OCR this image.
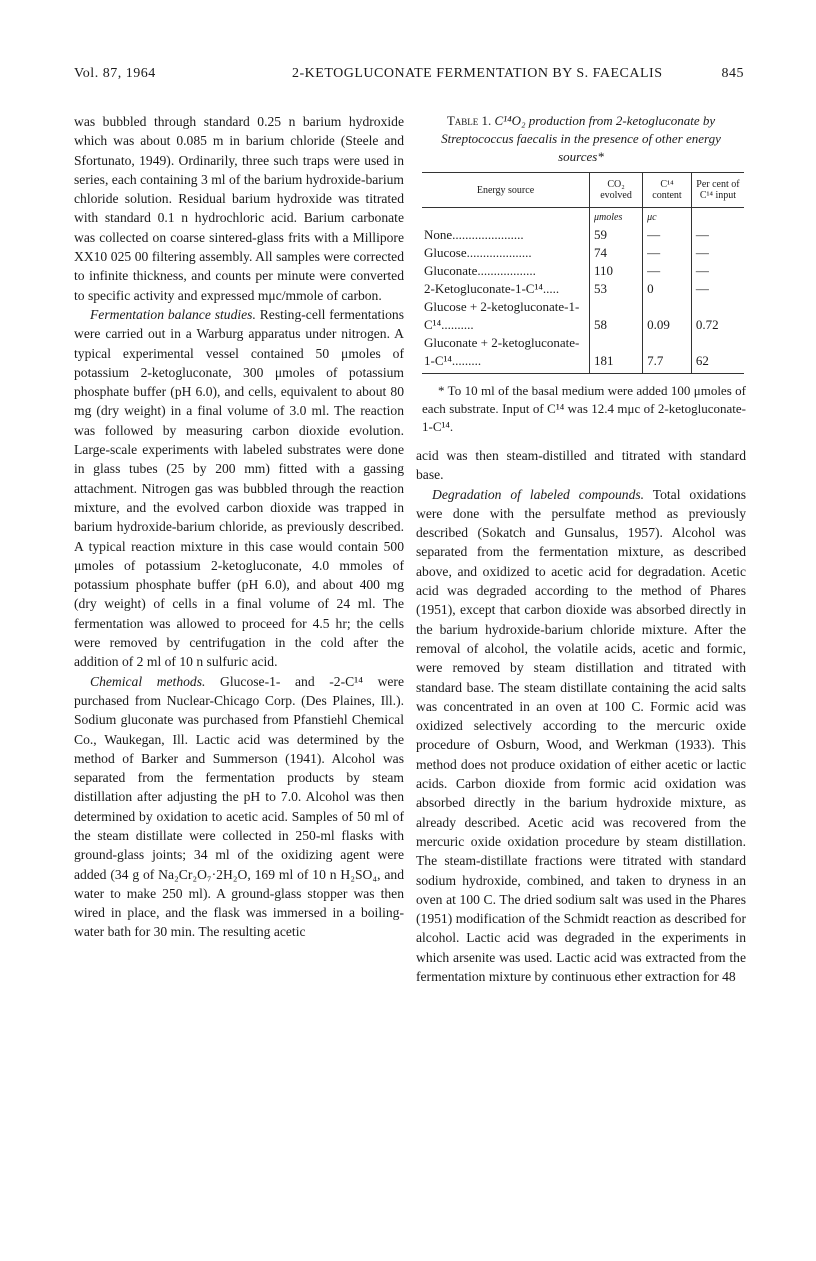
Vol. 87, 1964	2-KETOGLUCONATE FERMENTATION BY S. FAECALIS	845

was bubbled through standard 0.25 n barium hydroxide which was about 0.085 m in barium chloride (Steele and Sfortunato, 1949). Ordinarily, three such traps were used in series, each containing 3 ml of the barium hydroxide-barium chloride solution. Residual barium hydroxide was titrated with standard 0.1 n hydrochloric acid. Barium carbonate was collected on coarse sintered-glass frits with a Millipore XX10 025 00 filtering assembly. All samples were corrected to infinite thickness, and counts per minute were converted to specific activity and expressed mμc/mmole of carbon.

Fermentation balance studies. Resting-cell fermentations were carried out in a Warburg apparatus under nitrogen. A typical experimental vessel contained 50 μmoles of potassium 2-ketogluconate, 300 μmoles of potassium phosphate buffer (pH 6.0), and cells, equivalent to about 80 mg (dry weight) in a final volume of 3.0 ml. The reaction was followed by measuring carbon dioxide evolution. Large-scale experiments with labeled substrates were done in glass tubes (25 by 200 mm) fitted with a gassing attachment. Nitrogen gas was bubbled through the reaction mixture, and the evolved carbon dioxide was trapped in barium hydroxide-barium chloride, as previously described. A typical reaction mixture in this case would contain 500 μmoles of potassium 2-ketogluconate, 4.0 mmoles of potassium phosphate buffer (pH 6.0), and about 400 mg (dry weight) of cells in a final volume of 24 ml. The fermentation was allowed to proceed for 4.5 hr; the cells were removed by centrifugation in the cold after the addition of 2 ml of 10 n sulfuric acid.

Chemical methods. Glucose-1- and -2-C¹⁴ were purchased from Nuclear-Chicago Corp. (Des Plaines, Ill.). Sodium gluconate was purchased from Pfanstiehl Chemical Co., Waukegan, Ill. Lactic acid was determined by the method of Barker and Summerson (1941). Alcohol was separated from the fermentation products by steam distillation after adjusting the pH to 7.0. Alcohol was then determined by oxidation to acetic acid. Samples of 50 ml of the steam distillate were collected in 250-ml flasks with ground-glass joints; 34 ml of the oxidizing agent were added (34 g of Na₂Cr₂O₇·2H₂O, 169 ml of 10 n H₂SO₄, and water to make 250 ml). A ground-glass stopper was then wired in place, and the flask was immersed in a boiling-water bath for 30 min. The resulting acetic

Table 1. C¹⁴O₂ production from 2-ketogluconate by Streptococcus faecalis in the presence of other energy sources*
Energy source	CO₂ evolved	C¹⁴ content	Per cent of C¹⁴ input
	μmoles	μc	
None......................	59	—	—
Glucose....................	74	—	—
Gluconate..................	110	—	—
2-Ketogluconate-1-C¹⁴.....	53	0	—
Glucose + 2-ketogluconate-1-C¹⁴..........	58	0.09	0.72
Gluconate + 2-ketogluconate-1-C¹⁴.........	181	7.7	62
* To 10 ml of the basal medium were added 100 μmoles of each substrate. Input of C¹⁴ was 12.4 mμc of 2-ketogluconate-1-C¹⁴.

acid was then steam-distilled and titrated with standard base.

Degradation of labeled compounds. Total oxidations were done with the persulfate method as previously described (Sokatch and Gunsalus, 1957). Alcohol was separated from the fermentation mixture, as described above, and oxidized to acetic acid for degradation. Acetic acid was degraded according to the method of Phares (1951), except that carbon dioxide was absorbed directly in the barium hydroxide-barium chloride mixture. After the removal of alcohol, the volatile acids, acetic and formic, were removed by steam distillation and titrated with standard base. The steam distillate containing the acid salts was concentrated in an oven at 100 C. Formic acid was oxidized selectively according to the mercuric oxide procedure of Osburn, Wood, and Werkman (1933). This method does not produce oxidation of either acetic or lactic acids. Carbon dioxide from formic acid oxidation was absorbed directly in the barium hydroxide mixture, as already described. Acetic acid was recovered from the mercuric oxide oxidation procedure by steam distillation. The steam-distillate fractions were titrated with standard sodium hydroxide, combined, and taken to dryness in an oven at 100 C. The dried sodium salt was used in the Phares (1951) modification of the Schmidt reaction as described for alcohol. Lactic acid was degraded in the experiments in which arsenite was used. Lactic acid was extracted from the fermentation mixture by continuous ether extraction for 48
